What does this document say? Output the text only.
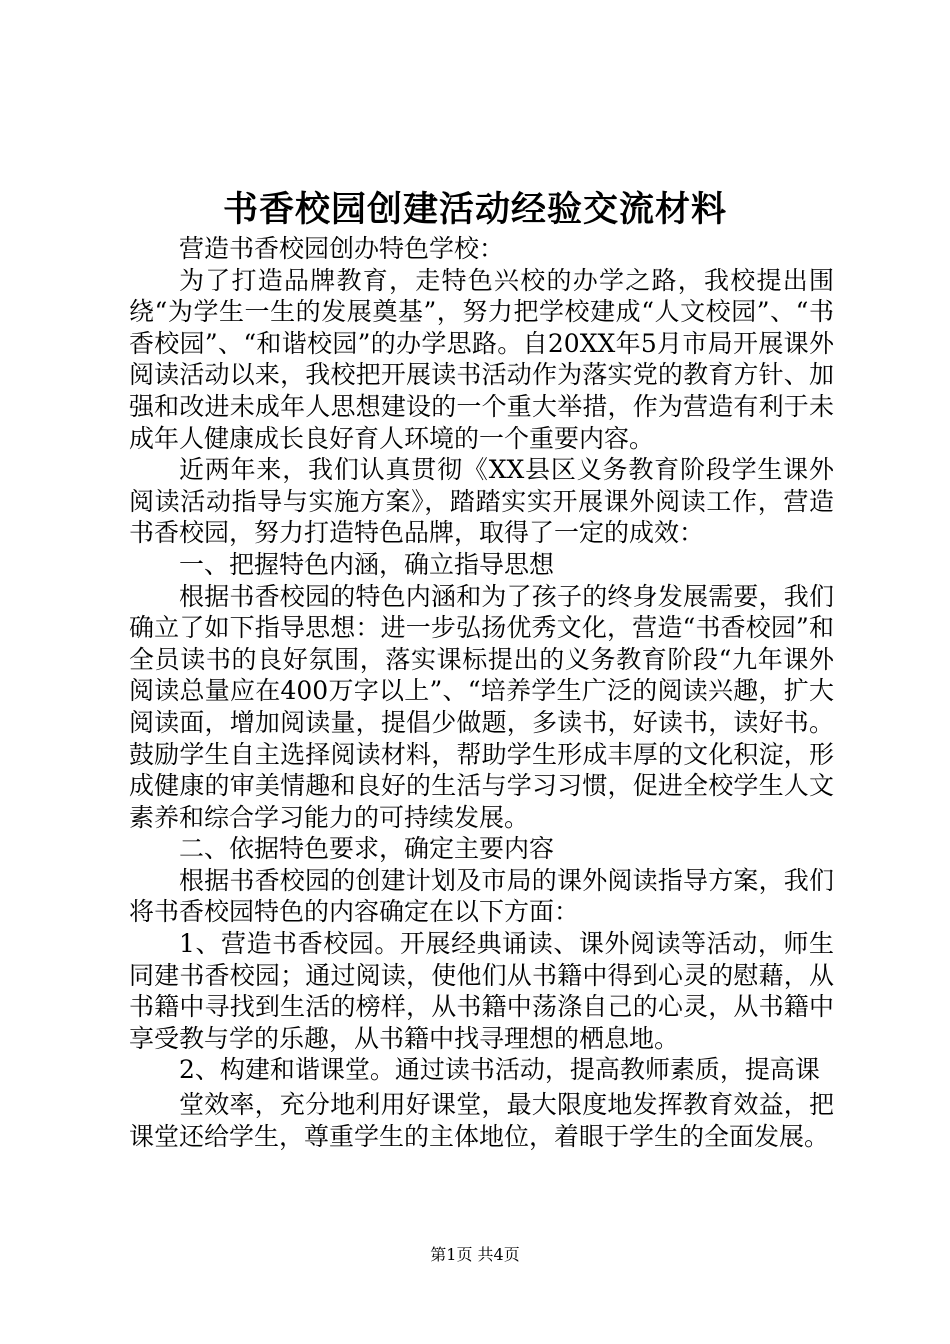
书香校园创建活动经验交流材料

营造书香校园创办特色学校：

为了打造品牌教育，走特色兴校的办学之路，我校提出围绕“为学生一生的发展奠基”，努力把学校建成“人文校园”、“书香校园”、“和谐校园”的办学思路。自20XX年5月市局开展课外阅读活动以来，我校把开展读书活动作为落实党的教育方针、加强和改进未成年人思想建设的一个重大举措，作为营造有利于未成年人健康成长良好育人环境的一个重要内容。

近两年来，我们认真贯彻《XX县区义务教育阶段学生课外阅读活动指导与实施方案》，踏踏实实开展课外阅读工作，营造书香校园，努力打造特色品牌，取得了一定的成效：

一、把握特色内涵，确立指导思想

根据书香校园的特色内涵和为了孩子的终身发展需要，我们确立了如下指导思想：进一步弘扬优秀文化，营造“书香校园”和全员读书的良好氛围，落实课标提出的义务教育阶段“九年课外阅读总量应在400万字以上”、“培养学生广泛的阅读兴趣，扩大阅读面，增加阅读量，提倡少做题，多读书，好读书，读好书。鼓励学生自主选择阅读材料，帮助学生形成丰厚的文化积淀，形成健康的审美情趣和良好的生活与学习习惯，促进全校学生人文素养和综合学习能力的可持续发展。

二、依据特色要求，确定主要内容

根据书香校园的创建计划及市局的课外阅读指导方案，我们将书香校园特色的内容确定在以下方面：

1、营造书香校园。开展经典诵读、课外阅读等活动，师生同建书香校园；通过阅读，使他们从书籍中得到心灵的慰藉，从书籍中寻找到生活的榜样，从书籍中荡涤自己的心灵，从书籍中享受教与学的乐趣，从书籍中找寻理想的栖息地。

2、构建和谐课堂。通过读书活动，提高教师素质，提高课

堂效率，充分地利用好课堂，最大限度地发挥教育效益，把课堂还给学生，尊重学生的主体地位，着眼于学生的全面发展。

第1页 共4页
